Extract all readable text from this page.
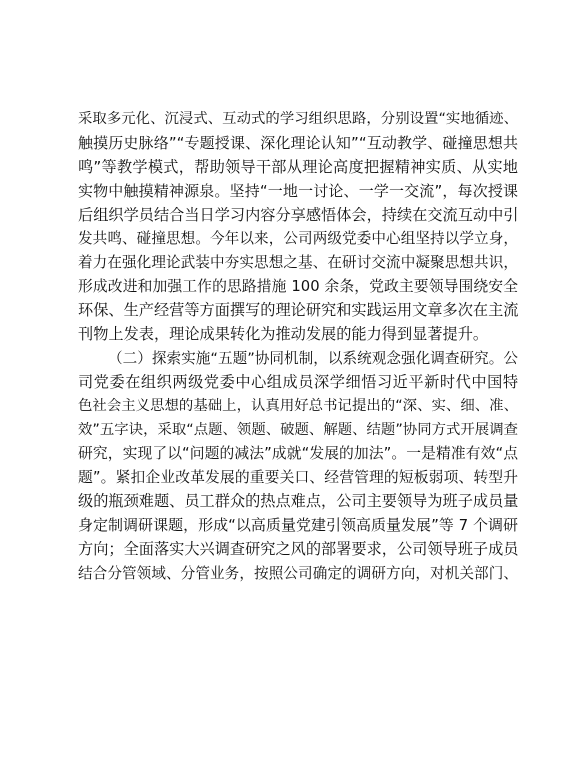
采取多元化、沉浸式、互动式的学习组织思路，分别设置“实地循迹、
触摸历史脉络”“专题授课、深化理论认知”“互动教学、碰撞思想共
鸣”等教学模式，帮助领导干部从理论高度把握精神实质、从实地
实物中触摸精神源泉。坚持“一地一讨论、一学一交流”，每次授课
后组织学员结合当日学习内容分享感悟体会，持续在交流互动中引
发共鸣、碰撞思想。今年以来，公司两级党委中心组坚持以学立身，
着力在强化理论武装中夯实思想之基、在研讨交流中凝聚思想共识，
形成改进和加强工作的思路措施 100 余条，党政主要领导围绕安全
环保、生产经营等方面撰写的理论研究和实践运用文章多次在主流
刊物上发表，理论成果转化为推动发展的能力得到显著提升。
（二）探索实施“五题”协同机制，以系统观念强化调查研究。公
司党委在组织两级党委中心组成员深学细悟习近平新时代中国特
色社会主义思想的基础上，认真用好总书记提出的“深、实、细、准、
效”五字诀，采取“点题、领题、破题、解题、结题”协同方式开展调查
研究，实现了以“问题的减法”成就“发展的加法”。一是精准有效“点
题”。紧扣企业改革发展的重要关口、经营管理的短板弱项、转型升
级的瓶颈难题、员工群众的热点难点，公司主要领导为班子成员量
身定制调研课题，形成“以高质量党建引领高质量发展”等 7 个调研
方向；全面落实大兴调查研究之风的部署要求，公司领导班子成员
结合分管领域、分管业务，按照公司确定的调研方向，对机关部门、
